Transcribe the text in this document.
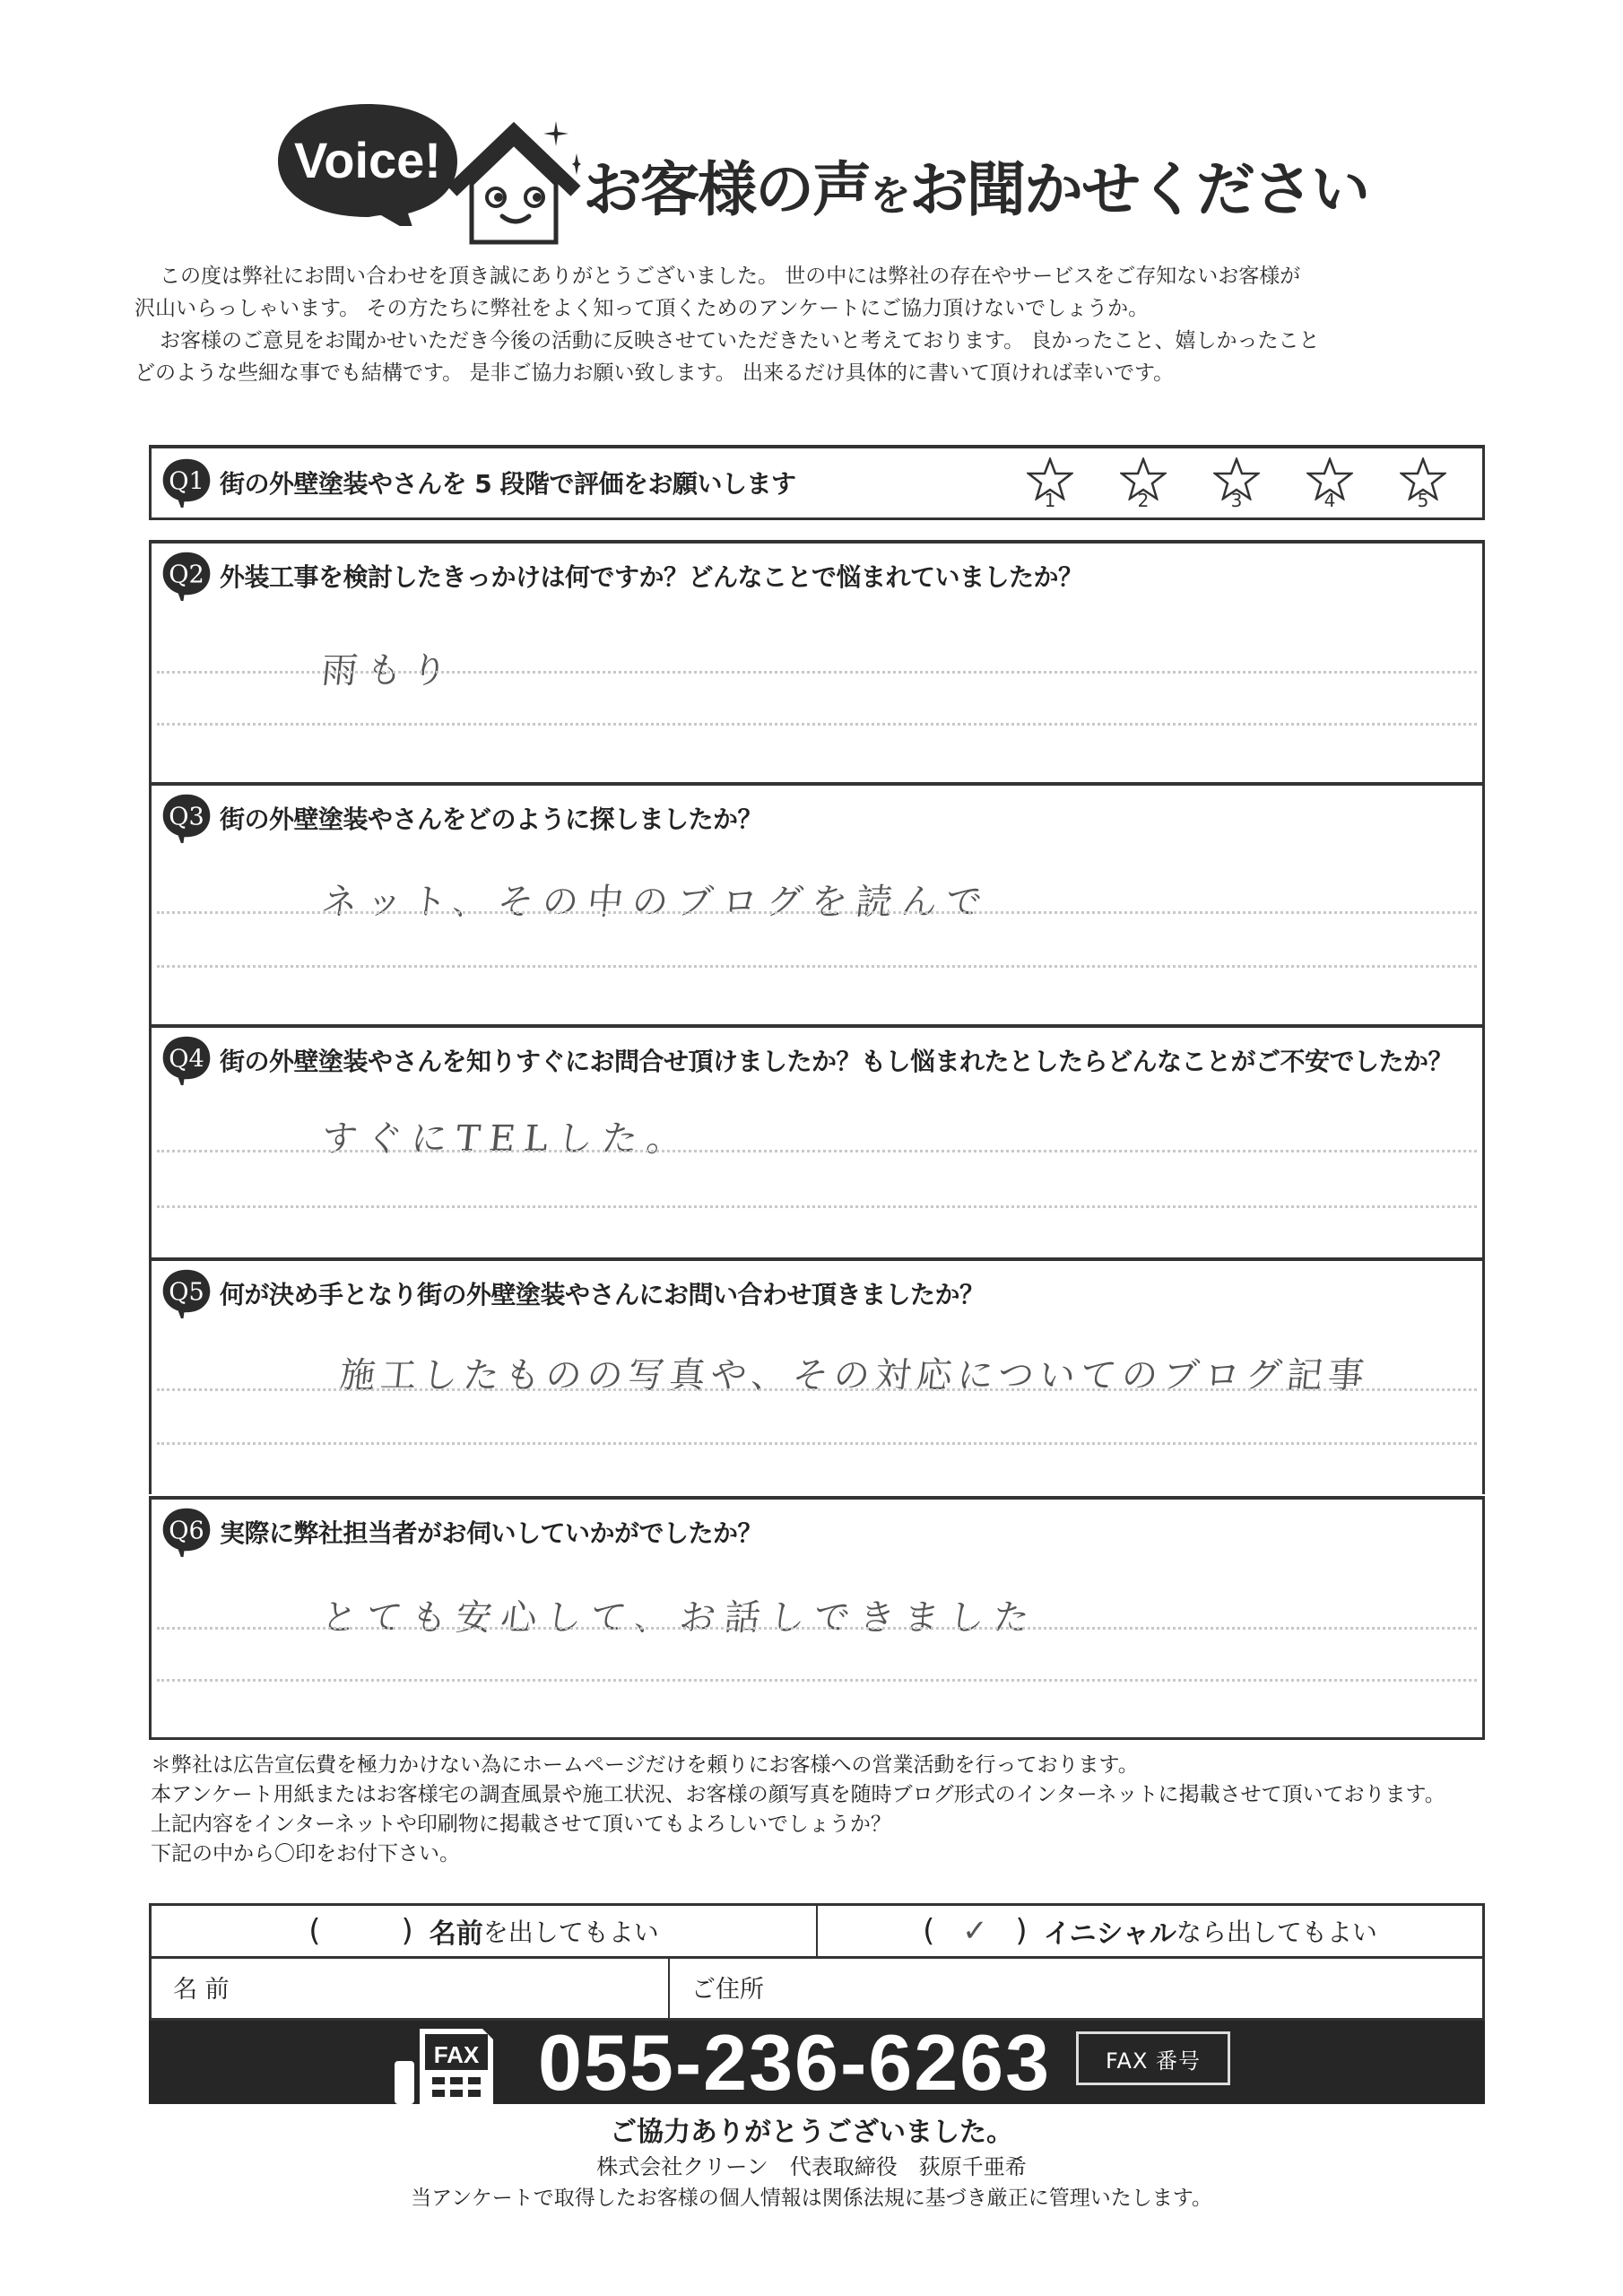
Voice! お客様の声をお聞かせください

この度は弊社にお問い合わせを頂き誠にありがとうございました。 世の中には弊社の存在やサービスをご存知ないお客様が

沢山いらっしゃいます。 その方たちに弊社をよく知って頂くためのアンケートにご協力頂けないでしょうか。

お客様のご意見をお聞かせいただき今後の活動に反映させていただきたいと考えております。 良かったこと、嬉しかったこと

どのような些細な事でも結構です。 是非ご協力お願い致します。 出来るだけ具体的に書いて頂ければ幸いです。

Q1 街の外壁塗装やさんを 5 段階で評価をお願いします
1	2	3	4	5
Q2 外装工事を検討したきっかけは何ですか？どんなことで悩まれていましたか？
雨もり
Q3 街の外壁塗装やさんをどのように探しましたか？
ネット、その中のブログを読んで
Q4 街の外壁塗装やさんを知りすぐにお問合せ頂けましたか？もし悩まれたとしたらどんなことがご不安でしたか？
すぐにTELした。
Q5 何が決め手となり街の外壁塗装やさんにお問い合わせ頂きましたか？
施工したものの写真や、その対応についてのブログ記事
Q6 実際に弊社担当者がお伺いしていかがでしたか？
とても安心して、お話しできました

＊弊社は広告宣伝費を極力かけない為にホームページだけを頼りにお客様への営業活動を行っております。

本アンケート用紙またはお客様宅の調査風景や施工状況、お客様の顔写真を随時ブログ形式のインターネットに掲載させて頂いております。

上記内容をインターネットや印刷物に掲載させて頂いてもよろしいでしょうか？

下記の中から〇印をお付下さい。

(	) 名前 を出してもよい	( ✓ ) イニシャル なら出してもよい
名 前	ご住所
FAX 055-236-6263	FAX 番号
ご協力ありがとうございました。
株式会社クリーン　代表取締役　荻原千亜希
当アンケートで取得したお客様の個人情報は関係法規に基づき厳正に管理いたします。
